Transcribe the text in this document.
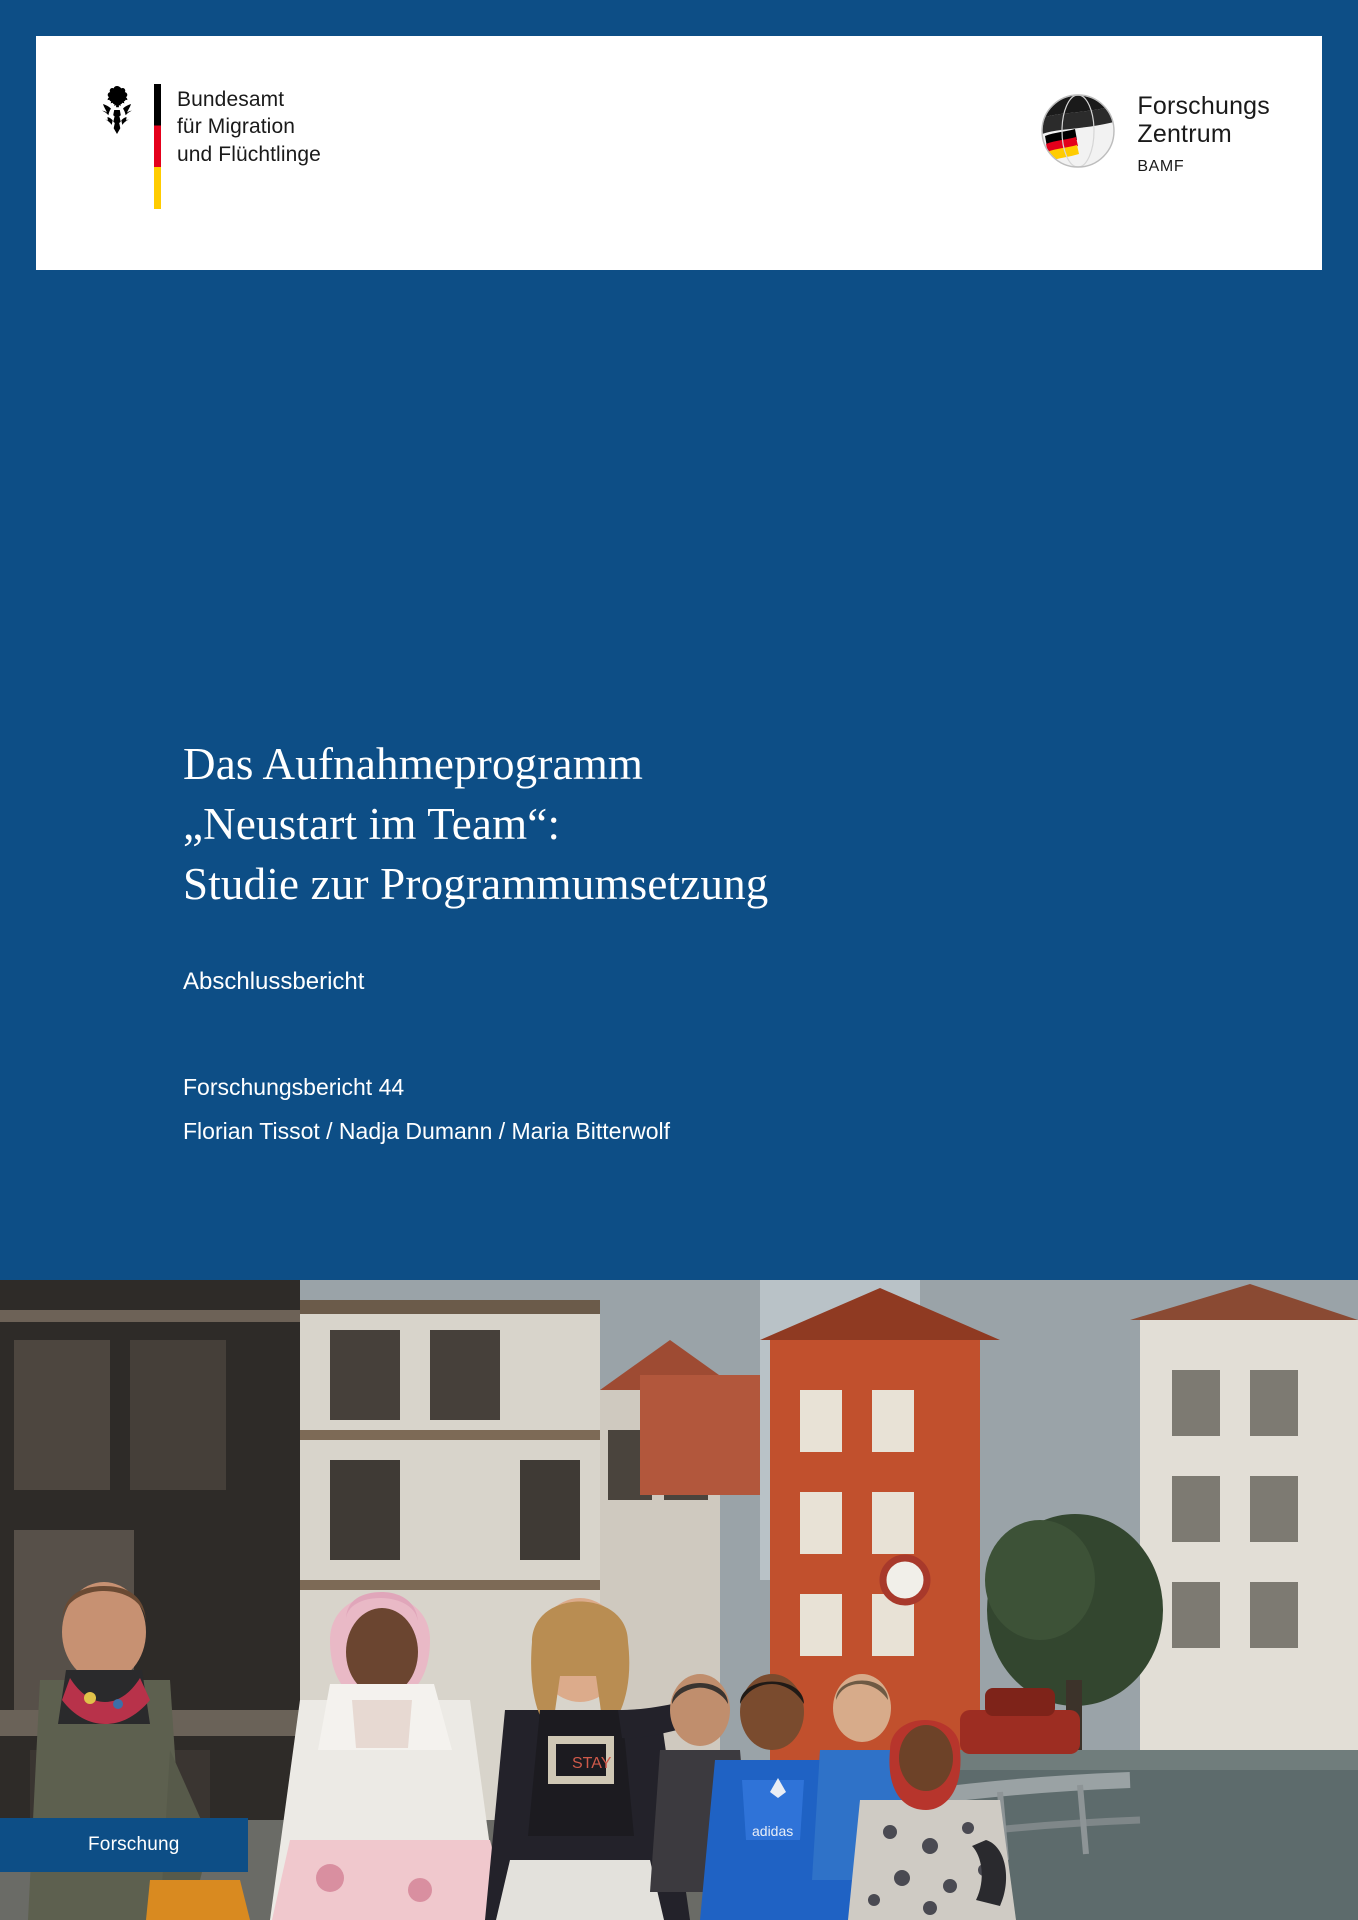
Bundesamt
für Migration
und Flüchtlinge
Forschungs
Zentrum
BAMF
Das Aufnahmeprogramm
„Neustart im Team“:
Studie zur Programmumsetzung
Abschlussbericht
Forschungsbericht 44
Florian Tissot / Nadja Dumann / Maria Bitterwolf
STAY
adidas
Forschung
